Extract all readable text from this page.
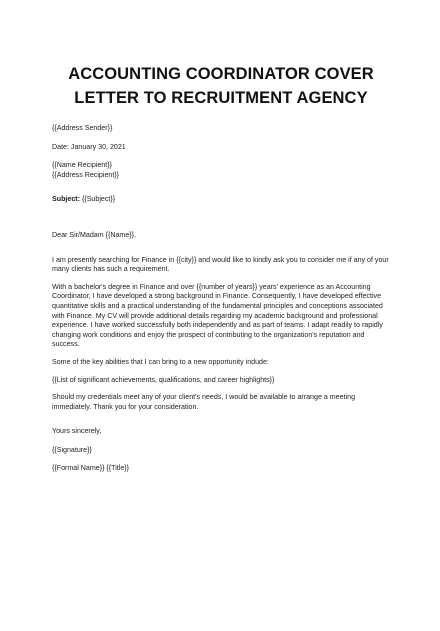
ACCOUNTING COORDINATOR COVER
LETTER TO RECRUITMENT AGENCY

{{Address Sender}}

Date: January 30, 2021

{{Name Recipient}}

{{Address Recipient}}

Subject: {{Subject}}

Dear Sir/Madam {{Name}},

I am presently searching for Finance in {{city}} and would like to kindly ask you to consider me if any of your many clients has such a requirement.

With a bachelor's degree in Finance and over {{number of years}} years' experience as an Accounting Coordinator, I have developed a strong background in Finance. Consequently, I have developed effective quantitative skills and a practical understanding of the fundamental principles and conceptions associated with Finance. My CV will provide additional details regarding my academic background and professional experience. I have worked successfully both independently and as part of teams. I adapt readily to rapidly changing work conditions and enjoy the prospect of contributing to the organization's reputation and success.

Some of the key abilities that I can bring to a new opportunity indude:

{{List of significant achievements, qualifications, and career highlights}}

Should my credentials meet any of your client's needs, I would be available to arrange a meeting immediately. Thank you for your consideration.

Yours sincerely,

{{Signature}}

{{Formal Name}} {{Title}}
